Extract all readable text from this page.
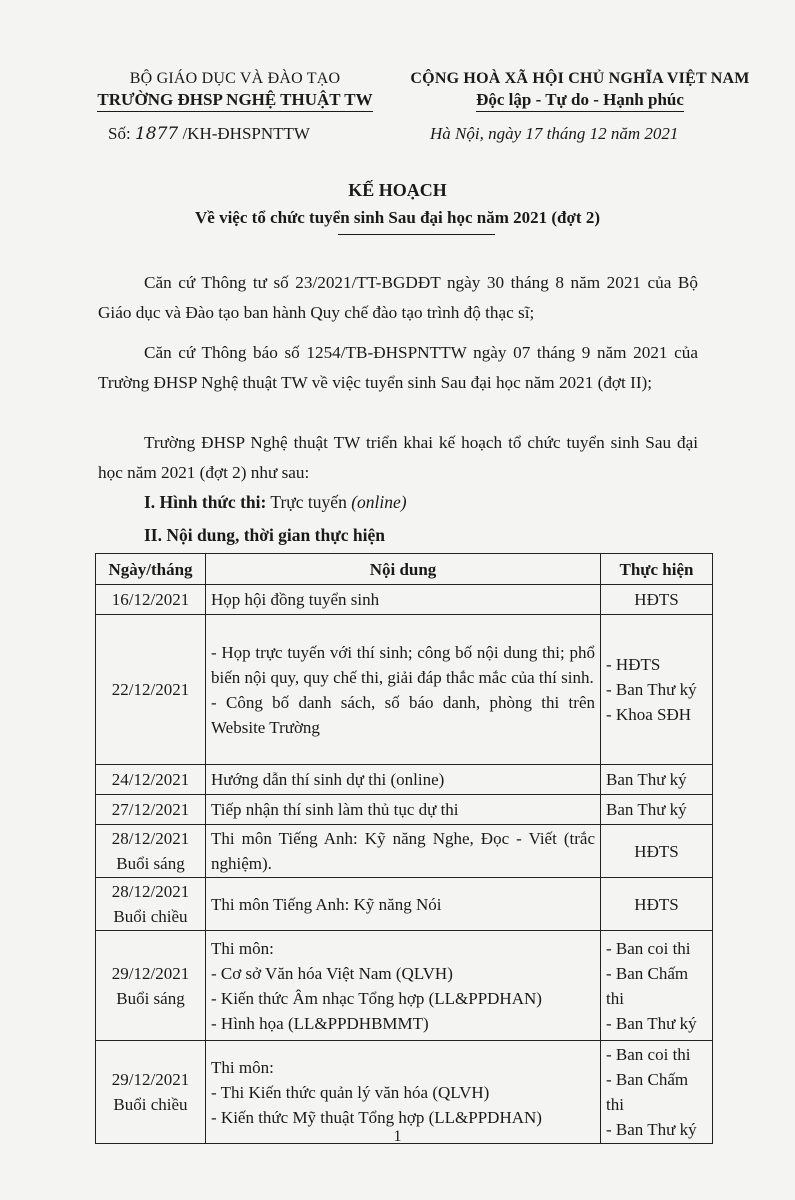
BỘ GIÁO DỤC VÀ ĐÀO TẠO
TRƯỜNG ĐHSP NGHỆ THUẬT TW
CỘNG HOÀ XÃ HỘI CHỦ NGHĨA VIỆT NAM
Độc lập - Tự do - Hạnh phúc
Số: 1877 /KH-ĐHSPNTTW	Hà Nội, ngày 17 tháng 12 năm 2021
KẾ HOẠCH
Về việc tổ chức tuyển sinh Sau đại học năm 2021 (đợt 2)
Căn cứ Thông tư số 23/2021/TT-BGDĐT ngày 30 tháng 8 năm 2021 của Bộ Giáo dục và Đào tạo ban hành Quy chế đào tạo trình độ thạc sĩ;
Căn cứ Thông báo số 1254/TB-ĐHSPNTTW ngày 07 tháng 9 năm 2021 của Trường ĐHSP Nghệ thuật TW về việc tuyển sinh Sau đại học năm 2021 (đợt II);
Trường ĐHSP Nghệ thuật TW triển khai kế hoạch tổ chức tuyển sinh Sau đại học năm 2021 (đợt 2) như sau:
I. Hình thức thi: Trực tuyến (online)
II. Nội dung, thời gian thực hiện
Ngày/tháng	Nội dung	Thực hiện

16/12/2021	Họp hội đồng tuyển sinh	HĐTS

22/12/2021	- Họp trực tuyến với thí sinh; công bố nội dung thi; phổ biến nội quy, quy chế thi, giải đáp thắc mắc của thí sinh.
- Công bố danh sách, số báo danh, phòng thi trên Website Trường	- HĐTS
- Ban Thư ký
- Khoa SĐH

24/12/2021	Hướng dẫn thí sinh dự thi (online)	Ban Thư ký

27/12/2021	Tiếp nhận thí sinh làm thủ tục dự thi	Ban Thư ký

28/12/2021
Buổi sáng	Thi môn Tiếng Anh: Kỹ năng Nghe, Đọc - Viết (trắc nghiệm).	HĐTS

28/12/2021
Buổi chiều	Thi môn Tiếng Anh: Kỹ năng Nói	HĐTS

29/12/2021
Buổi sáng	Thi môn:
- Cơ sở Văn hóa Việt Nam (QLVH)
- Kiến thức Âm nhạc Tổng hợp (LL&PPDHAN)
- Hình họa (LL&PPDHBMMT)	- Ban coi thi
- Ban Chấm thi
- Ban Thư ký

29/12/2021
Buổi chiều	Thi môn:
- Thi Kiến thức quản lý văn hóa (QLVH)
- Kiến thức Mỹ thuật Tổng hợp (LL&PPDHAN)	- Ban coi thi
- Ban Chấm thi
- Ban Thư ký
1
